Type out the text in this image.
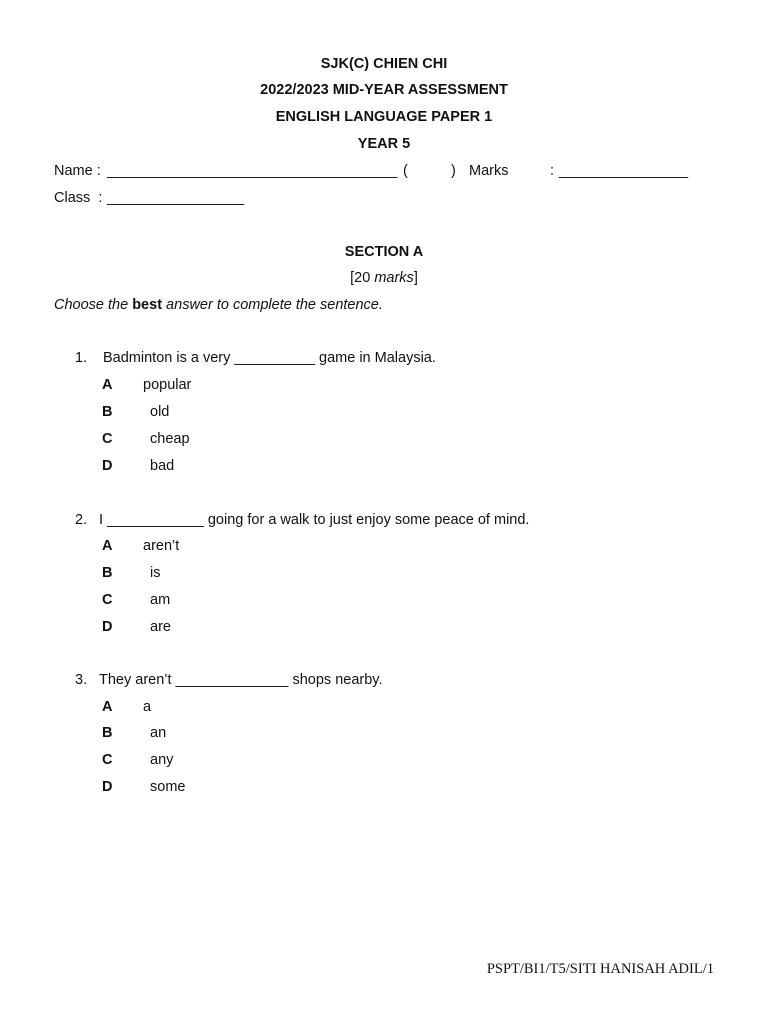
SJK(C) CHIEN CHI
2022/2023 MID-YEAR ASSESSMENT
ENGLISH LANGUAGE PAPER 1
YEAR 5
Name : ____________________________________ (	) Marks	: ________________
Class  : _________________
SECTION A
[20 marks]
Choose the best answer to complete the sentence.
1. Badminton is a very __________ game in Malaysia.
A popular
B	old
C	cheap
D	bad
2. I ____________ going for a walk to just enjoy some peace of mind.
A aren’t
B	is
C	am
D	are
3. They aren’t ______________ shops nearby.
A a
B	an
C	any
D	some
PSPT/BI1/T5/SITI HANISAH ADIL/1
